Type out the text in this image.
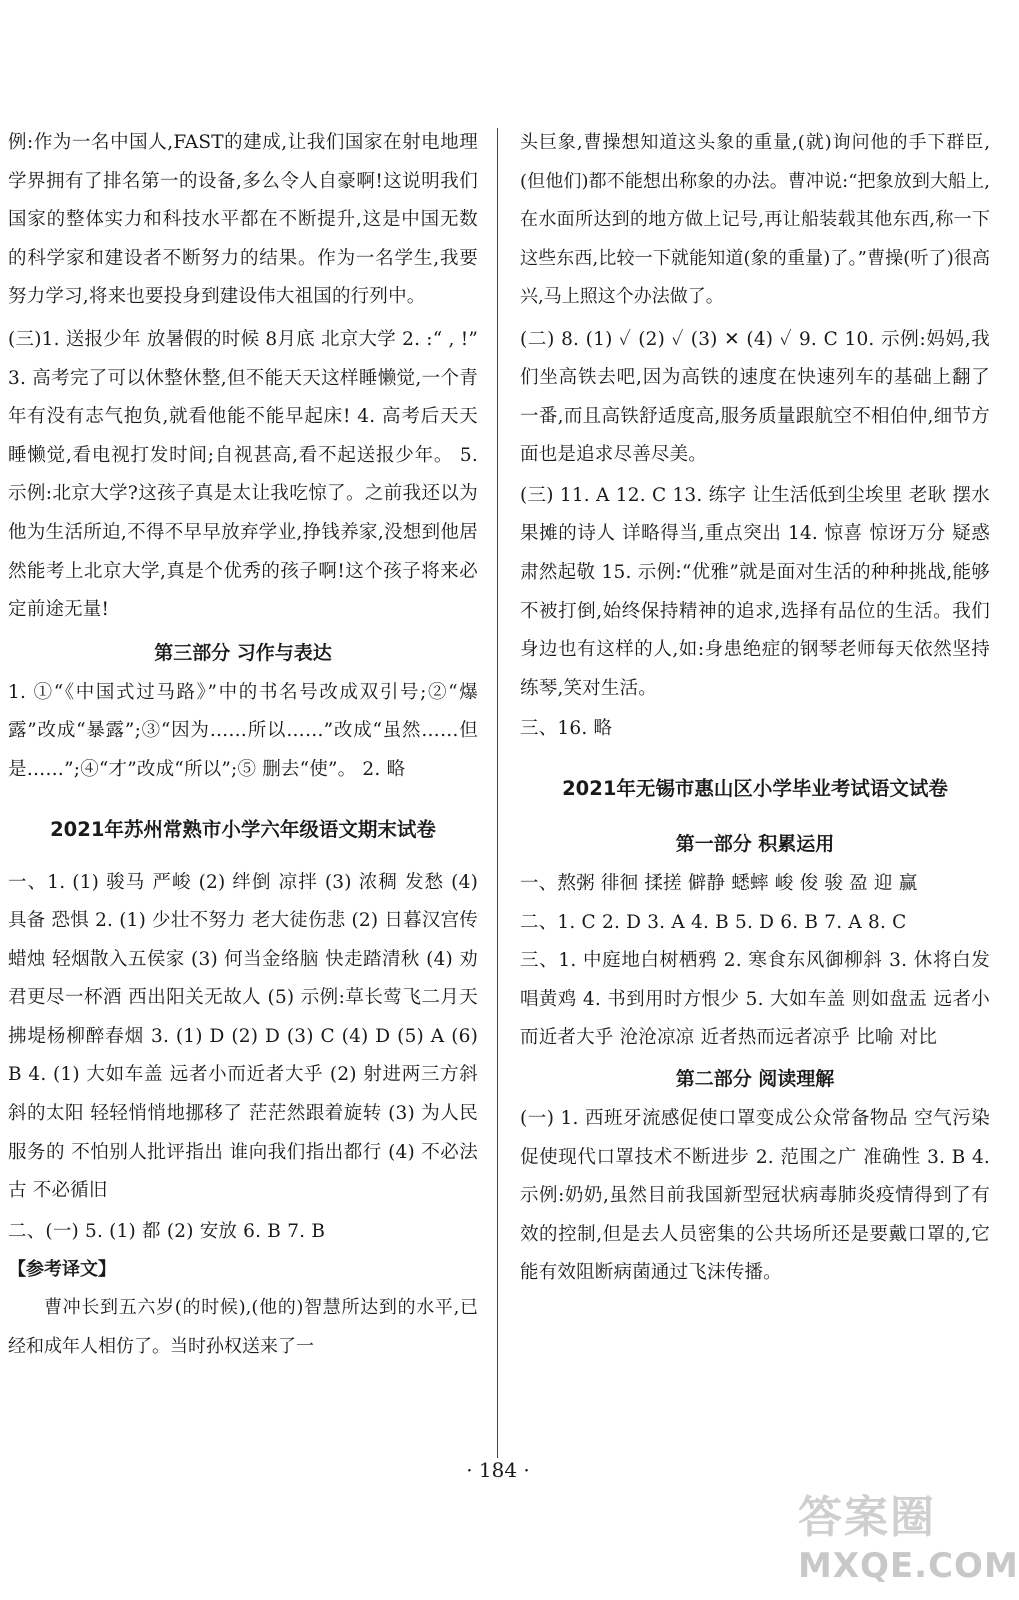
例:作为一名中国人,FAST的建成,让我们国家在射电地理学界拥有了排名第一的设备,多么令人自豪啊!这说明我们国家的整体实力和科技水平都在不断提升,这是中国无数的科学家和建设者不断努力的结果。作为一名学生,我要努力学习,将来也要投身到建设伟大祖国的行列中。

(三)1. 送报少年 放暑假的时候 8月底 北京大学 2. :“ , !” 3. 高考完了可以休整休整,但不能天天这样睡懒觉,一个青年有没有志气抱负,就看他能不能早起床! 4. 高考后天天睡懒觉,看电视打发时间;自视甚高,看不起送报少年。 5. 示例:北京大学?这孩子真是太让我吃惊了。之前我还以为他为生活所迫,不得不早早放弃学业,挣钱养家,没想到他居然能考上北京大学,真是个优秀的孩子啊!这个孩子将来必定前途无量!

第三部分 习作与表达

1. ①“《中国式过马路》”中的书名号改成双引号;②“爆露”改成“暴露”;③“因为……所以……”改成“虽然……但是……”;④“才”改成“所以”;⑤ 删去“使”。 2. 略

2021年苏州常熟市小学六年级语文期末试卷

一、1. (1) 骏马 严峻 (2) 绊倒 凉拌 (3) 浓稠 发愁 (4) 具备 恐惧 2. (1) 少壮不努力 老大徒伤悲 (2) 日暮汉宫传蜡烛 轻烟散入五侯家 (3) 何当金络脑 快走踏清秋 (4) 劝君更尽一杯酒 西出阳关无故人 (5) 示例:草长莺飞二月天 拂堤杨柳醉春烟 3. (1) D (2) D (3) C (4) D (5) A (6) B 4. (1) 大如车盖 远者小而近者大乎 (2) 射进两三方斜斜的太阳 轻轻悄悄地挪移了 茫茫然跟着旋转 (3) 为人民服务的 不怕别人批评指出 谁向我们指出都行 (4) 不必法古 不必循旧

二、(一) 5. (1) 都 (2) 安放 6. B 7. B

【参考译文】

曹冲长到五六岁(的时候),(他的)智慧所达到的水平,已经和成年人相仿了。当时孙权送来了一

头巨象,曹操想知道这头象的重量,(就)询问他的手下群臣,(但他们)都不能想出称象的办法。曹冲说:“把象放到大船上,在水面所达到的地方做上记号,再让船装载其他东西,称一下这些东西,比较一下就能知道(象的重量)了。”曹操(听了)很高兴,马上照这个办法做了。

(二) 8. (1) ✓ (2) ✓ (3) ✕ (4) ✓ 9. C 10. 示例:妈妈,我们坐高铁去吧,因为高铁的速度在快速列车的基础上翻了一番,而且高铁舒适度高,服务质量跟航空不相伯仲,细节方面也是追求尽善尽美。

(三) 11. A 12. C 13. 练字 让生活低到尘埃里 老耿 摆水果摊的诗人 详略得当,重点突出 14. 惊喜 惊讶万分 疑惑 肃然起敬 15. 示例:“优雅”就是面对生活的种种挑战,能够不被打倒,始终保持精神的追求,选择有品位的生活。我们身边也有这样的人,如:身患绝症的钢琴老师每天依然坚持练琴,笑对生活。

三、16. 略

2021年无锡市惠山区小学毕业考试语文试卷

第一部分 积累运用

一、熬粥 徘徊 揉搓 僻静 蟋蟀 峻 俊 骏 盈 迎 赢

二、1. C 2. D 3. A 4. B 5. D 6. B 7. A 8. C

三、1. 中庭地白树栖鸦 2. 寒食东风御柳斜 3. 休将白发唱黄鸡 4. 书到用时方恨少 5. 大如车盖 则如盘盂 远者小而近者大乎 沧沧凉凉 近者热而远者凉乎 比喻 对比

第二部分 阅读理解

(一) 1. 西班牙流感促使口罩变成公众常备物品 空气污染促使现代口罩技术不断进步 2. 范围之广 准确性 3. B 4. 示例:奶奶,虽然目前我国新型冠状病毒肺炎疫情得到了有效的控制,但是去人员密集的公共场所还是要戴口罩的,它能有效阻断病菌通过飞沫传播。

· 184 ·
答案圈
MXQE.COM
